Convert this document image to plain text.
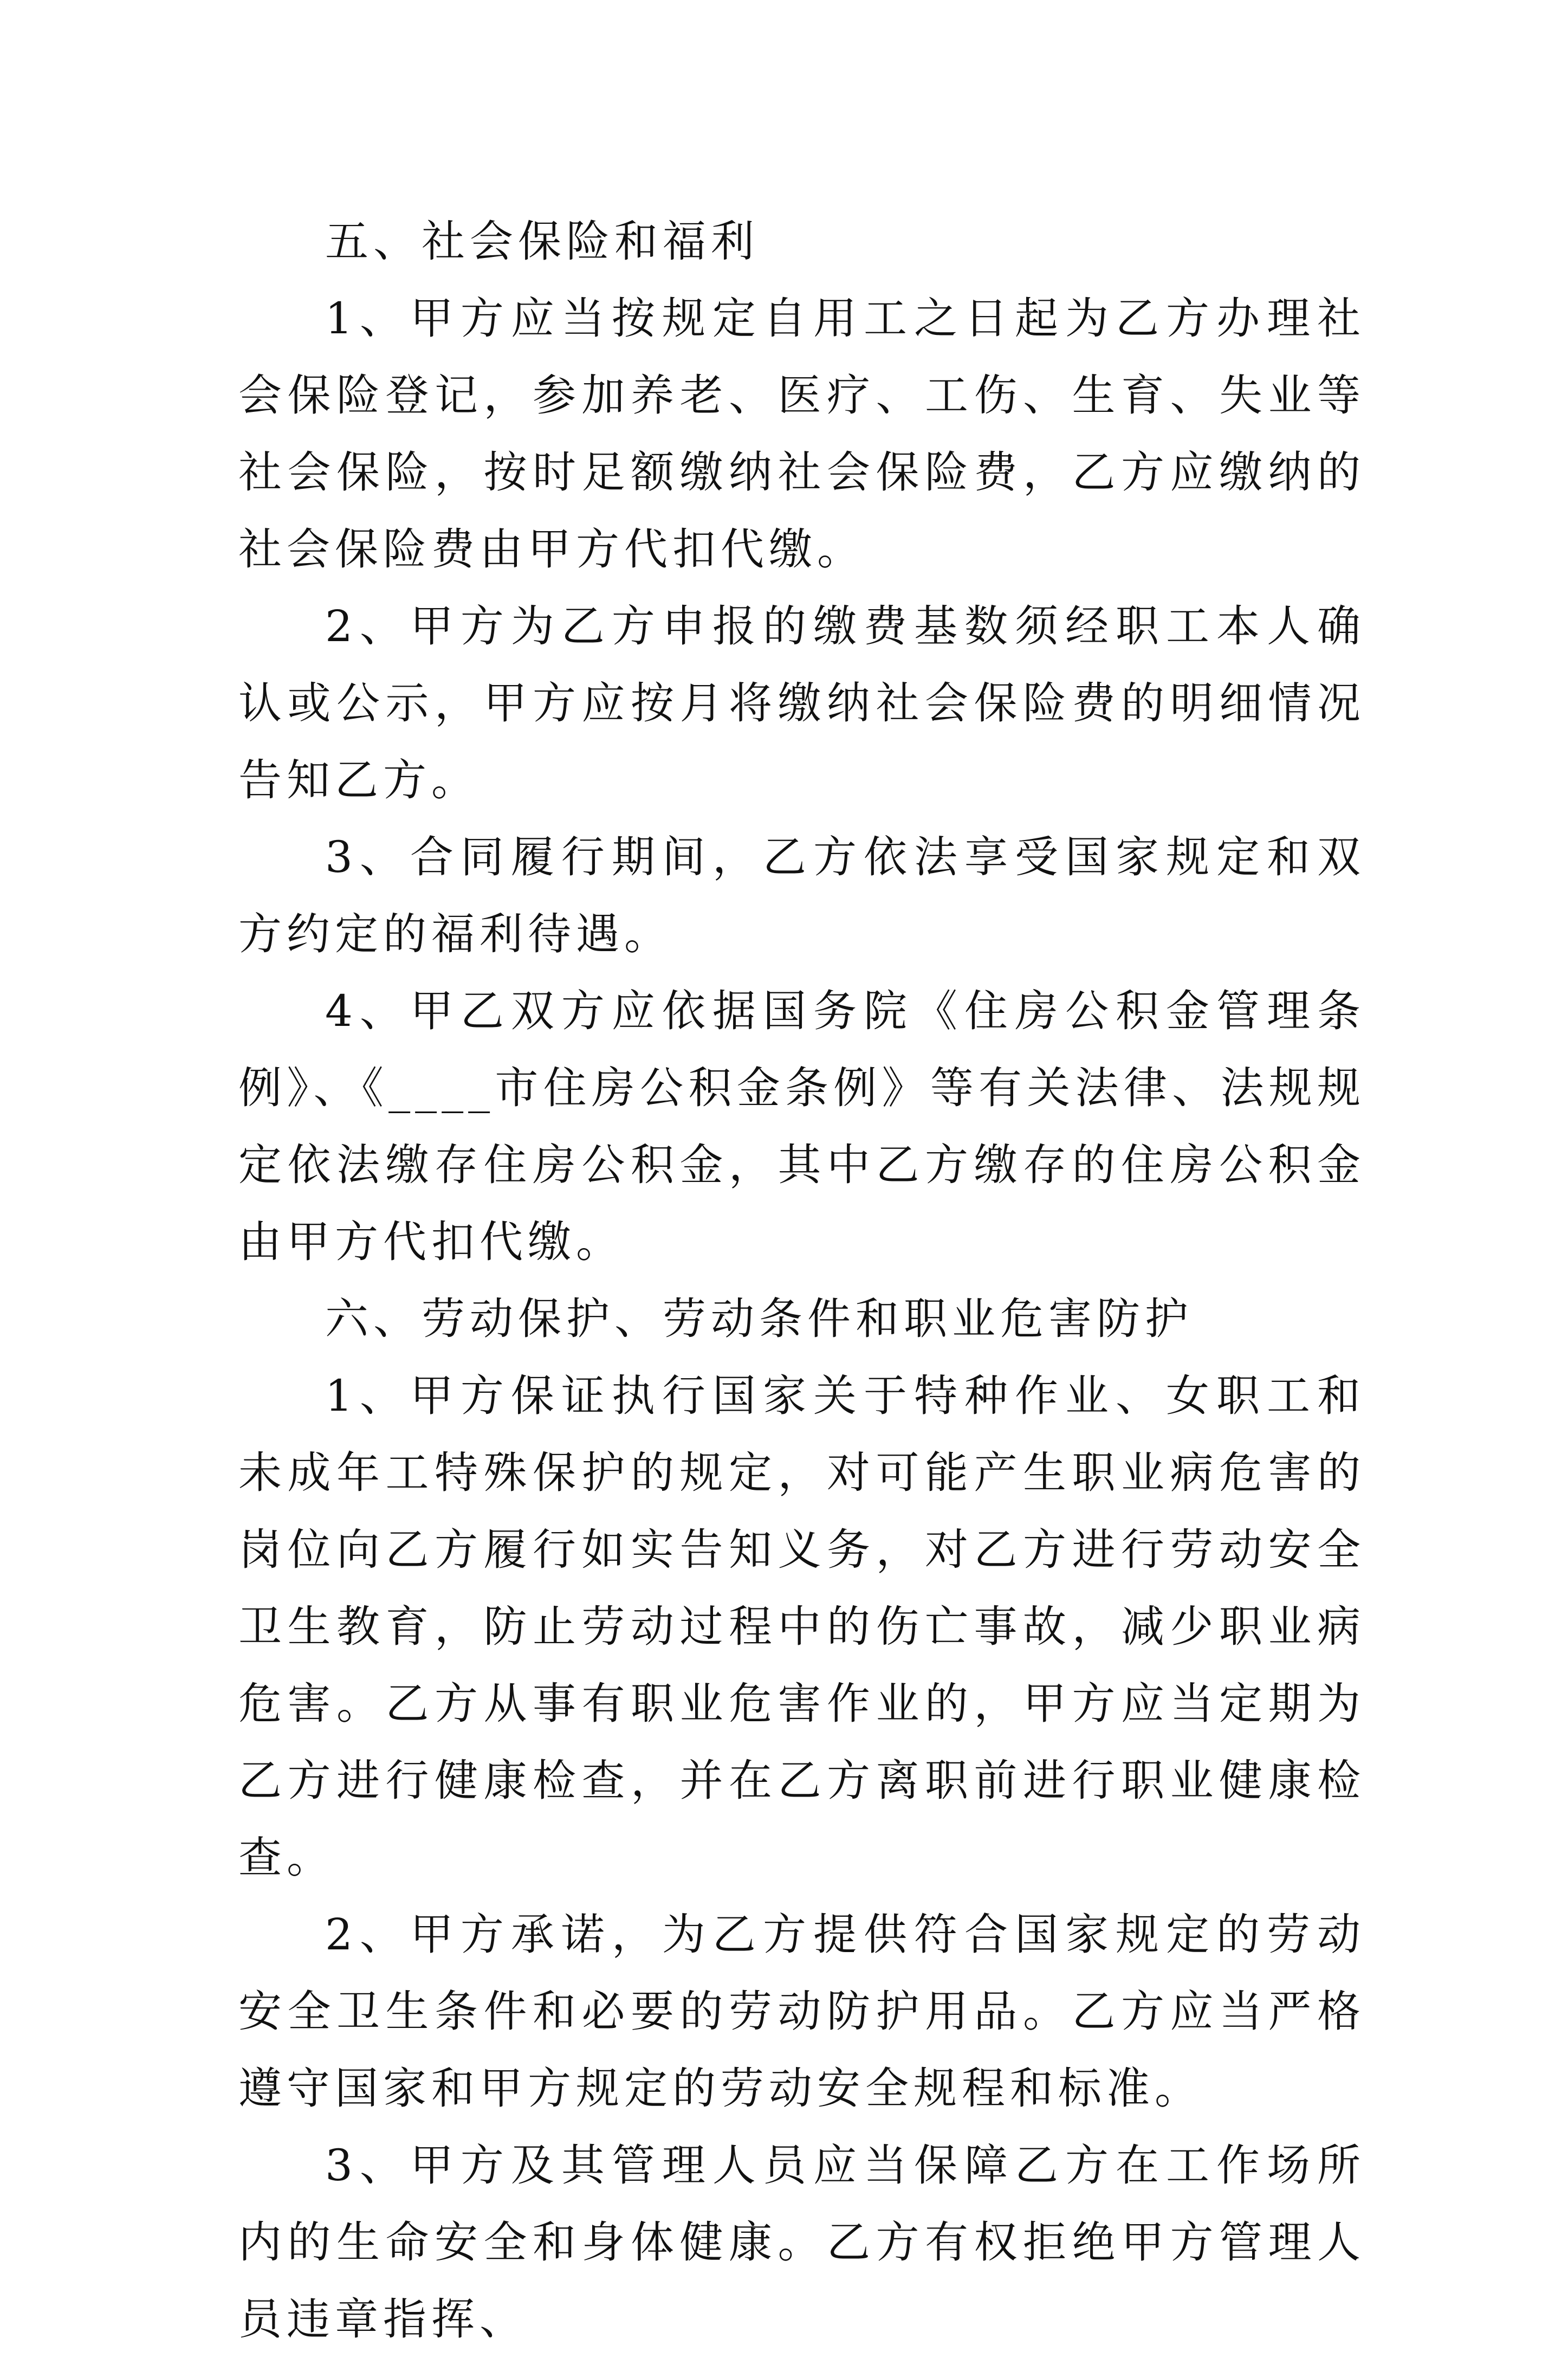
五、社会保险和福利

1、甲方应当按规定自用工之日起为乙方办理社会保险登记，参加养老、医疗、工伤、生育、失业等社会保险，按时足额缴纳社会保险费，乙方应缴纳的社会保险费由甲方代扣代缴。

2、甲方为乙方申报的缴费基数须经职工本人确认或公示，甲方应按月将缴纳社会保险费的明细情况告知乙方。

3、合同履行期间，乙方依法享受国家规定和双方约定的福利待遇。

4、甲乙双方应依据国务院《住房公积金管理条例》、《____市住房公积金条例》等有关法律、法规规定依法缴存住房公积金，其中乙方缴存的住房公积金由甲方代扣代缴。

六、劳动保护、劳动条件和职业危害防护

1、甲方保证执行国家关于特种作业、女职工和未成年工特殊保护的规定，对可能产生职业病危害的岗位向乙方履行如实告知义务，对乙方进行劳动安全卫生教育，防止劳动过程中的伤亡事故，减少职业病危害。乙方从事有职业危害作业的，甲方应当定期为乙方进行健康检查，并在乙方离职前进行职业健康检查。

2、甲方承诺，为乙方提供符合国家规定的劳动安全卫生条件和必要的劳动防护用品。乙方应当严格遵守国家和甲方规定的劳动安全规程和标准。

3、甲方及其管理人员应当保障乙方在工作场所内的生命安全和身体健康。乙方有权拒绝甲方管理人员违章指挥、
